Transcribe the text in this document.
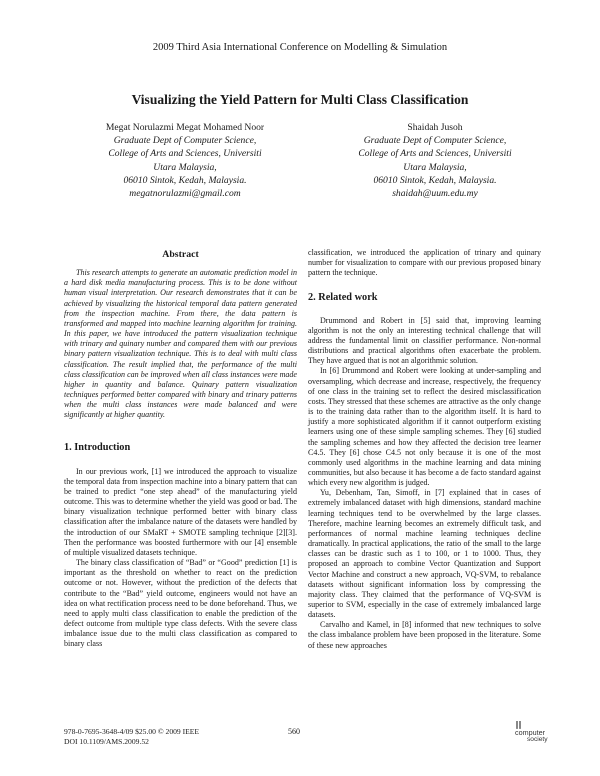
2009 Third Asia International Conference on Modelling & Simulation
Visualizing the Yield Pattern for Multi Class Classification
Megat Norulazmi Megat Mohamed Noor
Graduate Dept of Computer Science,
College of Arts and Sciences, Universiti
Utara Malaysia,
06010 Sintok, Kedah, Malaysia.
megatnorulazmi@gmail.com
Shaidah Jusoh
Graduate Dept of Computer Science,
College of Arts and Sciences, Universiti
Utara Malaysia,
06010 Sintok, Kedah, Malaysia.
shaidah@uum.edu.my
Abstract
This research attempts to generate an automatic prediction model in a hard disk media manufacturing process. This is to be done without human visual interpretation. Our research demonstrates that it can be achieved by visualizing the historical temporal data pattern generated from the inspection machine. From there, the data pattern is transformed and mapped into machine learning algorithm for training. In this paper, we have introduced the pattern visualization technique with trinary and quinary number and compared them with our previous binary pattern visualization technique. This is to deal with multi class classification. The result implied that, the performance of the multi class classification can be improved when all class instances were made higher in quantity and balance. Quinary pattern visualization techniques performed better compared with binary and trinary patterns when the multi class instances were made balanced and were significantly at higher quantity.
1. Introduction
In our previous work, [1] we introduced the approach to visualize the temporal data from inspection machine into a binary pattern that can be trained to predict “one step ahead” of the manufacturing yield outcome. This was to determine whether the yield was good or bad. The binary visualization technique performed better with binary class classification after the imbalance nature of the datasets were handled by the introduction of our SMaRT + SMOTE sampling technique [2][3]. Then the performance was boosted furthermore with our [4] ensemble of multiple visualized datasets technique.
The binary class classification of “Bad” or “Good” prediction [1] is important as the threshold on whether to react on the prediction outcome or not. However, without the prediction of the defects that contribute to the “Bad” yield outcome, engineers would not have an idea on what rectification process need to be done beforehand. Thus, we need to apply multi class classification to enable the prediction of the defect outcome from multiple type class defects. With the severe class imbalance issue due to the multi class classification as compared to binary class
classification, we introduced the application of trinary and quinary number for visualization to compare with our previous proposed binary pattern the technique.
2. Related work
Drummond and Robert in [5] said that, improving learning algorithm is not the only an interesting technical challenge that will address the fundamental limit on classifier performance. Non-normal distributions and practical algorithms often exacerbate the problem. They have argued that is not an algorithmic solution.
In [6] Drummond and Robert were looking at under-sampling and oversampling, which decrease and increase, respectively, the frequency of one class in the training set to reflect the desired misclassification costs. They stressed that these schemes are attractive as the only change is to the training data rather than to the algorithm itself. It is hard to justify a more sophisticated algorithm if it cannot outperform existing learners using one of these simple sampling schemes. They [6] studied the sampling schemes and how they affected the decision tree learner C4.5. They [6] chose C4.5 not only because it is one of the most commonly used algorithms in the machine learning and data mining communities, but also because it has become a de facto standard against which every new algorithm is judged.
Yu, Debenham, Tan, Simoff, in [7] explained that in cases of extremely imbalanced dataset with high dimensions, standard machine learning techniques tend to be overwhelmed by the large classes. Therefore, machine learning becomes an extremely difficult task, and performances of normal machine learning techniques decline dramatically. In practical applications, the ratio of the small to the large classes can be drastic such as 1 to 100, or 1 to 1000. Thus, they proposed an approach to combine Vector Quantization and Support Vector Machine and construct a new approach, VQ-SVM, to rebalance datasets without significant information loss by compressing the majority class. They claimed that the performance of VQ-SVM is superior to SVM, especially in the case of extremely imbalanced large datasets.
Carvalho and Kamel, in [8] informed that new techniques to solve the class imbalance problem have been proposed in the literature. Some of these new approaches
978-0-7695-3648-4/09 $25.00 © 2009 IEEE
DOI 10.1109/AMS.2009.52
560
∥∥
computer
society
